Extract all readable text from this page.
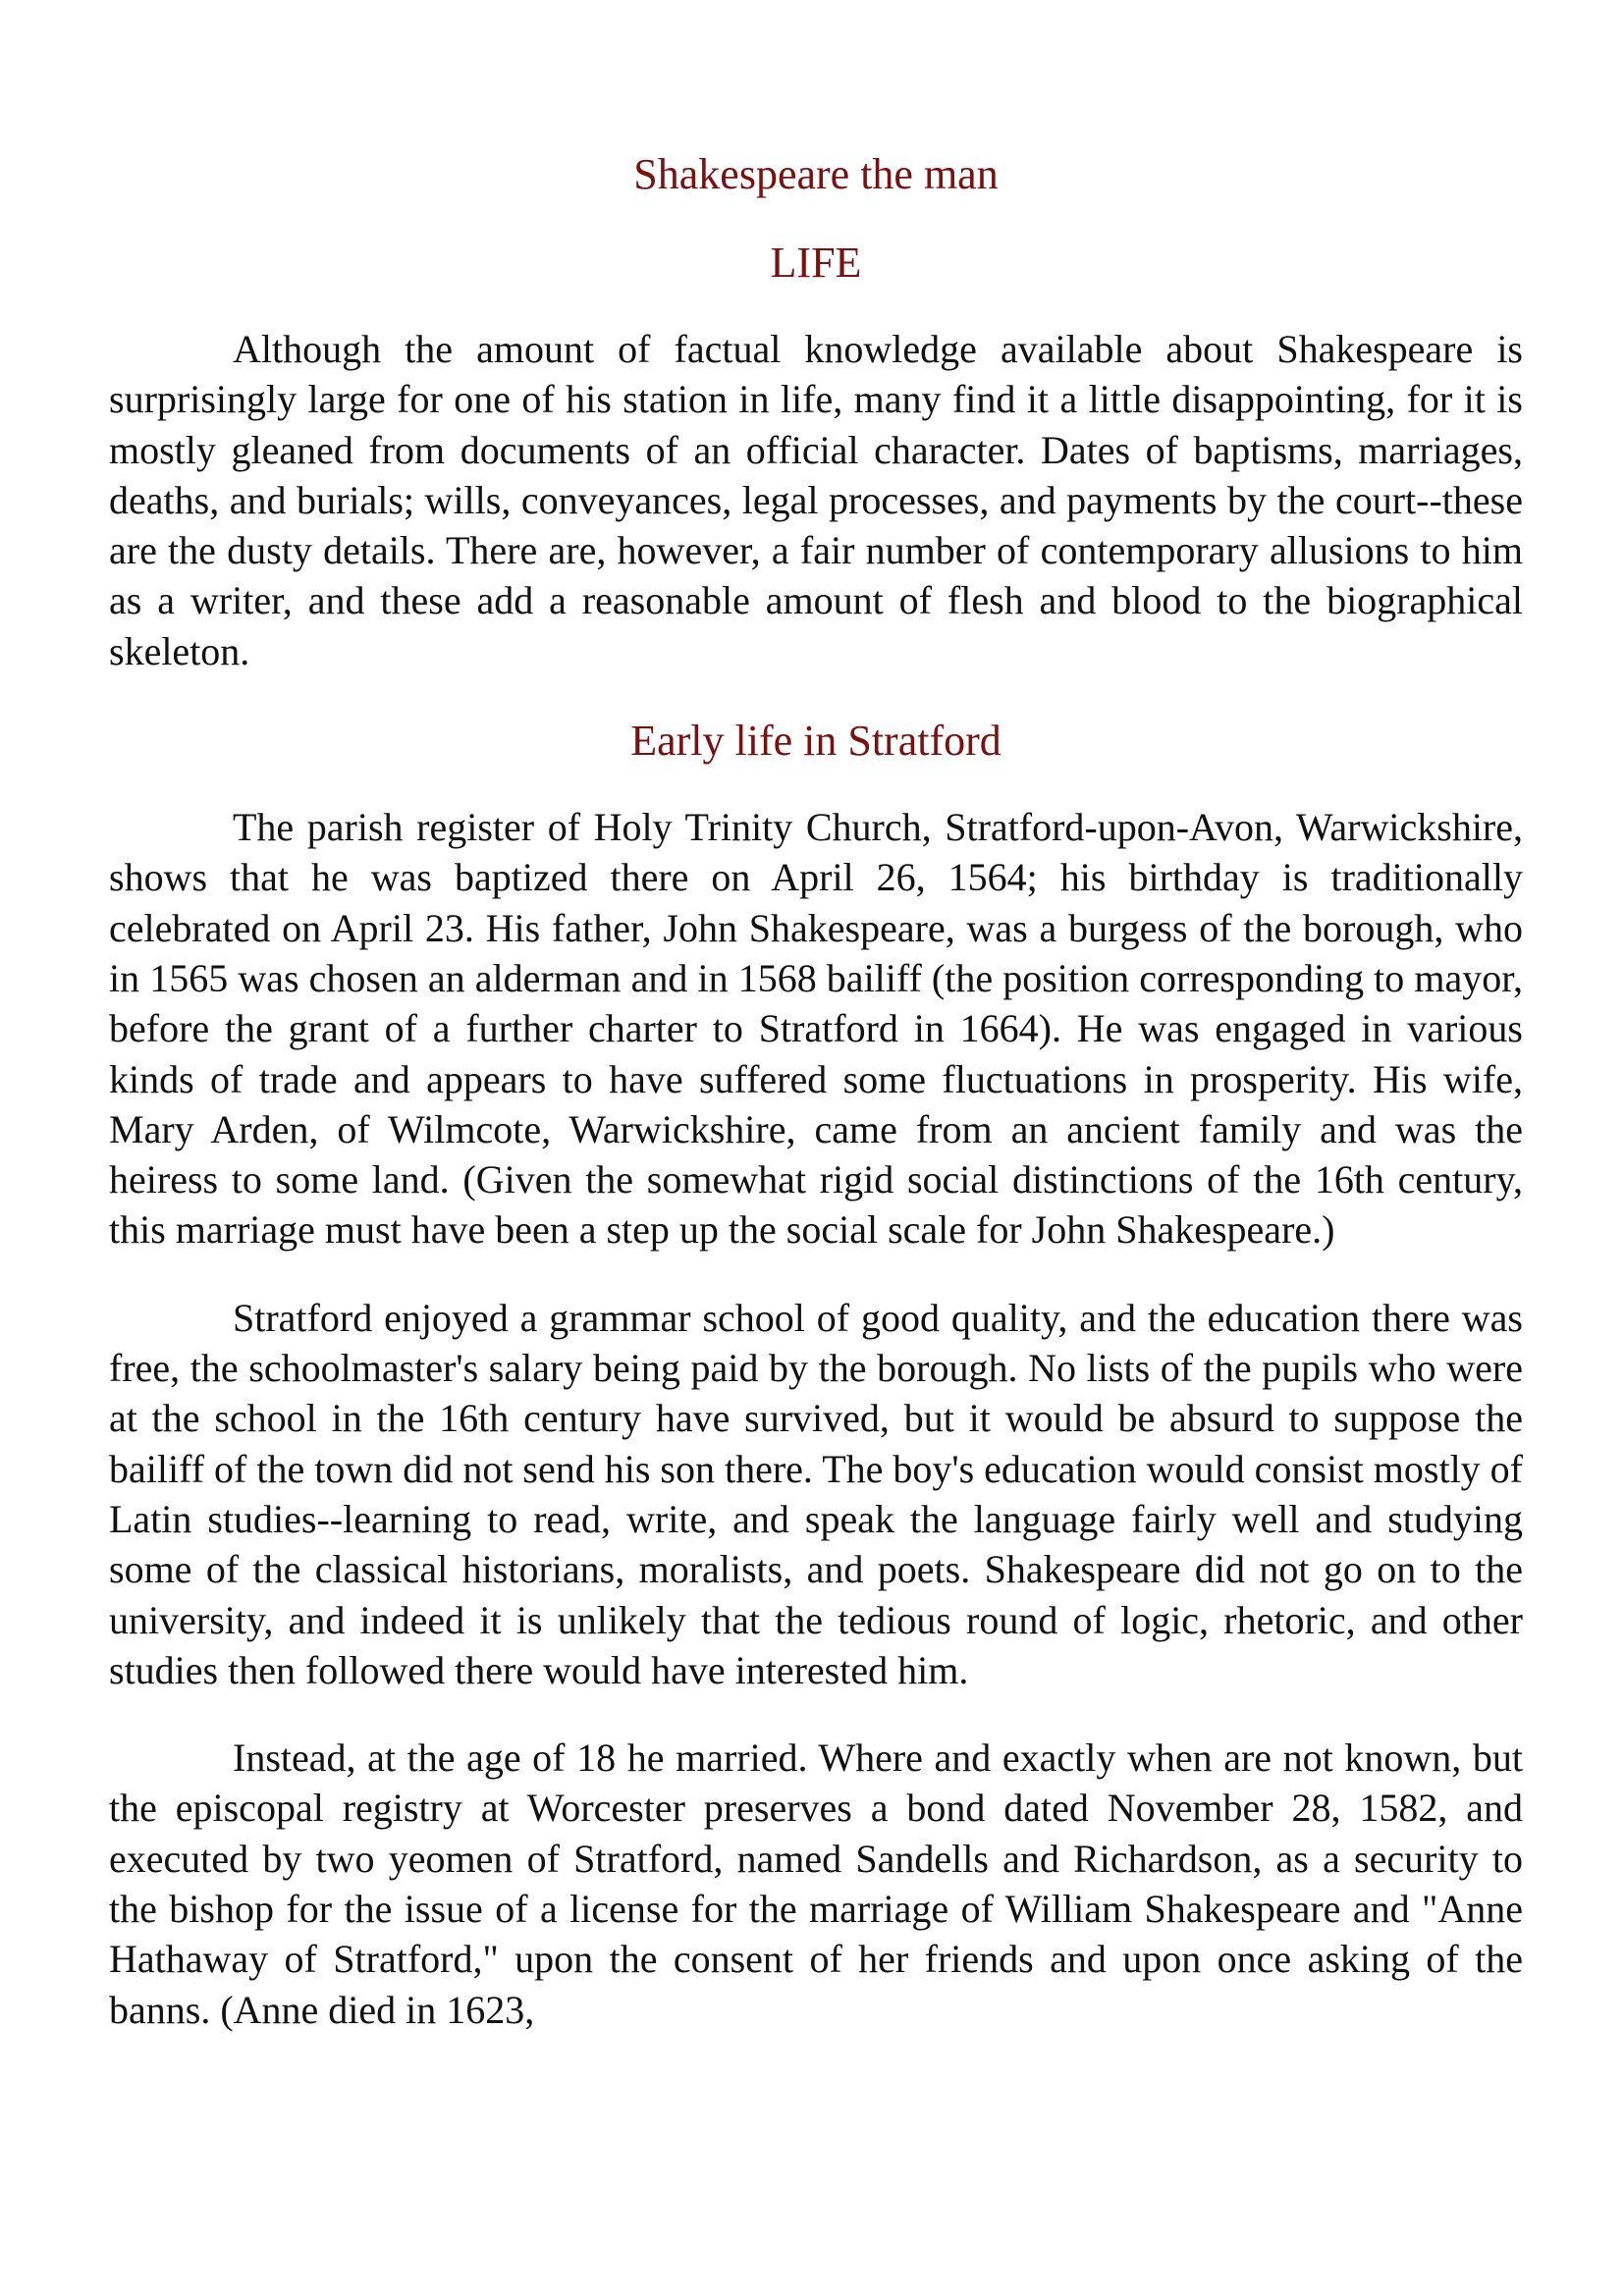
Shakespeare the man
LIFE

Although the amount of factual knowledge available about Shakespeare is surprisingly large for one of his station in life, many find it a little disappointing, for it is mostly gleaned from documents of an official character. Dates of baptisms, marriages, deaths, and burials; wills, conveyances, legal processes, and payments by the court--these are the dusty details. There are, however, a fair number of contemporary allusions to him as a writer, and these add a reasonable amount of flesh and blood to the biographical skeleton.

Early life in Stratford

The parish register of Holy Trinity Church, Stratford-upon-Avon, Warwickshire, shows that he was baptized there on April 26, 1564; his birthday is traditionally celebrated on April 23. His father, John Shakespeare, was a burgess of the borough, who in 1565 was chosen an alderman and in 1568 bailiff (the position corresponding to mayor, before the grant of a further charter to Stratford in 1664). He was engaged in various kinds of trade and appears to have suffered some fluctuations in prosperity. His wife, Mary Arden, of Wilmcote, Warwickshire, came from an ancient family and was the heiress to some land. (Given the somewhat rigid social distinctions of the 16th century, this marriage must have been a step up the social scale for John Shakespeare.)

Stratford enjoyed a grammar school of good quality, and the education there was free, the schoolmaster's salary being paid by the borough. No lists of the pupils who were at the school in the 16th century have survived, but it would be absurd to suppose the bailiff of the town did not send his son there. The boy's education would consist mostly of Latin studies--learning to read, write, and speak the language fairly well and studying some of the classical historians, moralists, and poets. Shakespeare did not go on to the university, and indeed it is unlikely that the tedious round of logic, rhetoric, and other studies then followed there would have interested him.

Instead, at the age of 18 he married. Where and exactly when are not known, but the episcopal registry at Worcester preserves a bond dated November 28, 1582, and executed by two yeomen of Stratford, named Sandells and Richardson, as a security to the bishop for the issue of a license for the marriage of William Shakespeare and "Anne Hathaway of Stratford," upon the consent of her friends and upon once asking of the banns. (Anne died in 1623,
